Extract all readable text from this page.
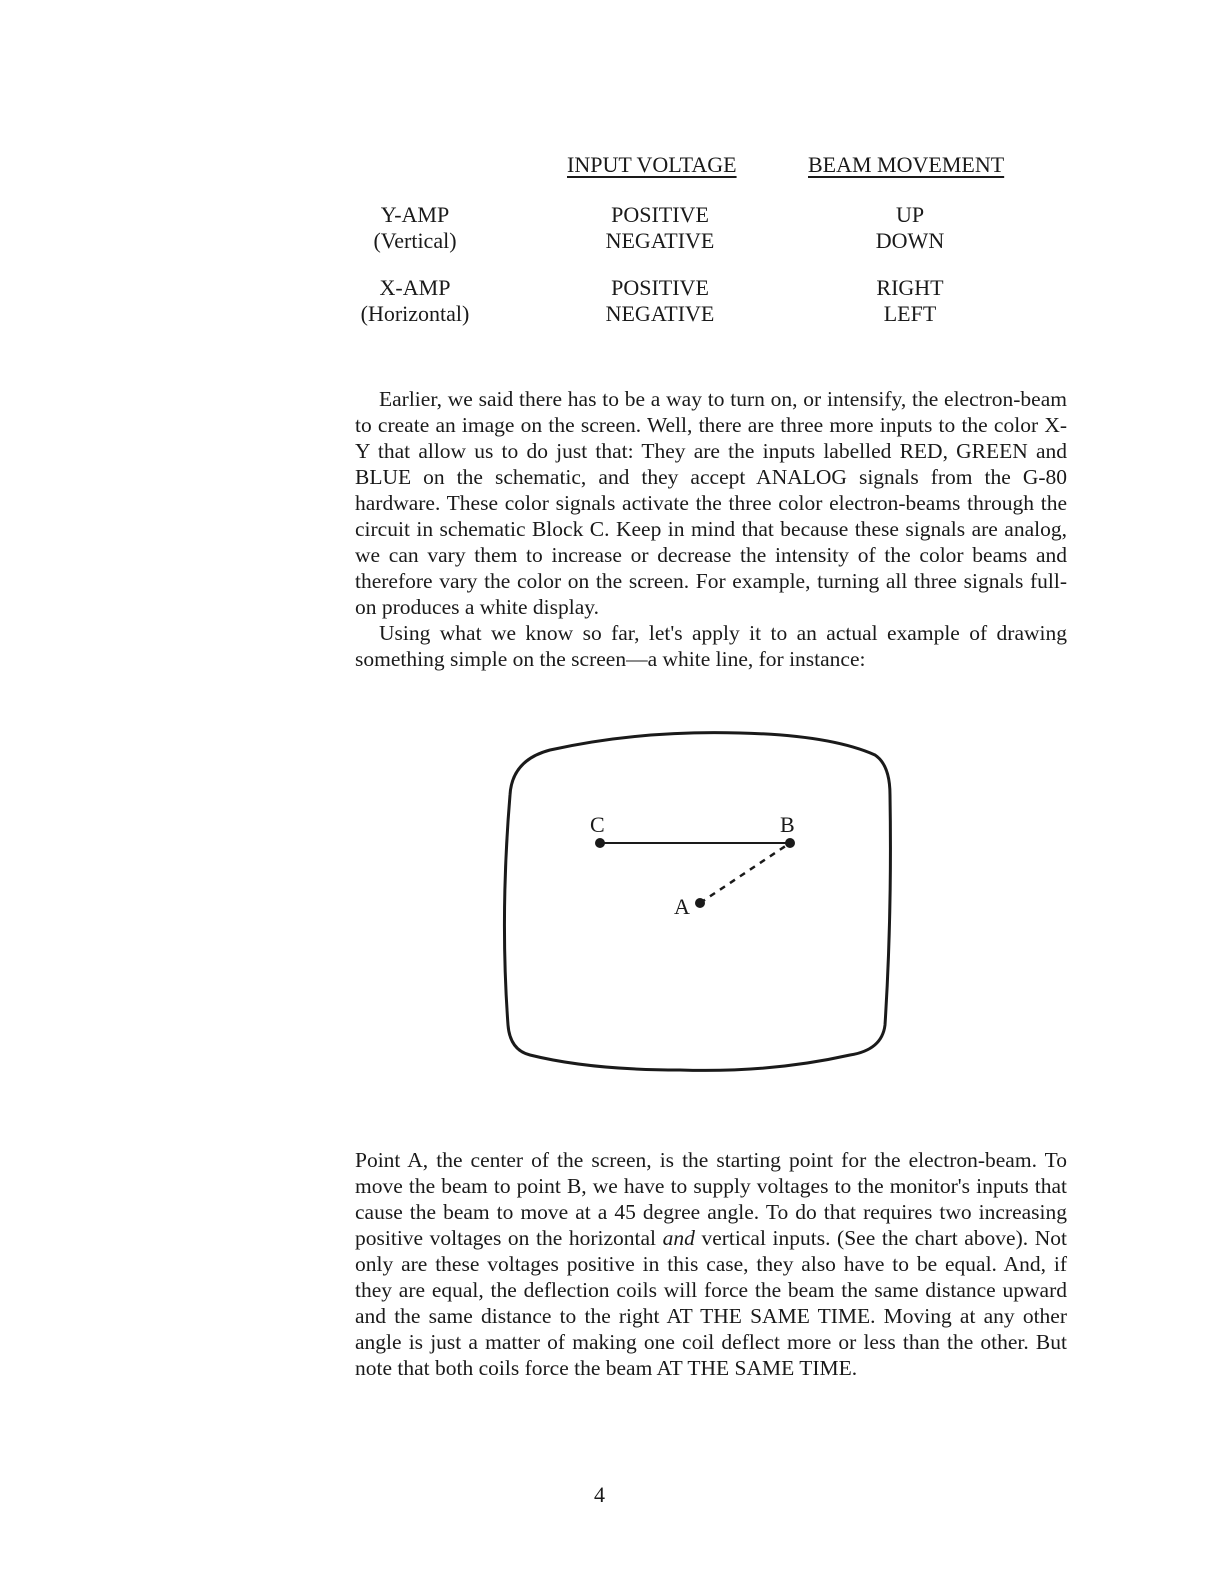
INPUT VOLTAGE	BEAM MOVEMENT
Y-AMP
(Vertical)
POSITIVE
NEGATIVE
UP
DOWN
X-AMP
(Horizontal)
POSITIVE
NEGATIVE
RIGHT
LEFT

Earlier, we said there has to be a way to turn on, or intensify, the electron-beam to create an image on the screen. Well, there are three more inputs to the color X-Y that allow us to do just that: They are the inputs labelled RED, GREEN and BLUE on the schematic, and they accept ANALOG signals from the G-80 hardware. These color signals activate the three color electron-beams through the circuit in schematic Block C. Keep in mind that because these signals are analog, we can vary them to increase or decrease the intensity of the color beams and therefore vary the color on the screen. For example, turning all three signals full-on produces a white display.

Using what we know so far, let's apply it to an actual example of drawing something simple on the screen—a white line, for instance:

C	B
A

Point A, the center of the screen, is the starting point for the electron-beam. To move the beam to point B, we have to supply voltages to the monitor's inputs that cause the beam to move at a 45 degree angle. To do that requires two increasing positive voltages on the horizontal and vertical inputs. (See the chart above). Not only are these voltages positive in this case, they also have to be equal. And, if they are equal, the deflection coils will force the beam the same distance upward and the same distance to the right AT THE SAME TIME. Moving at any other angle is just a matter of making one coil deflect more or less than the other. But note that both coils force the beam AT THE SAME TIME.

4
